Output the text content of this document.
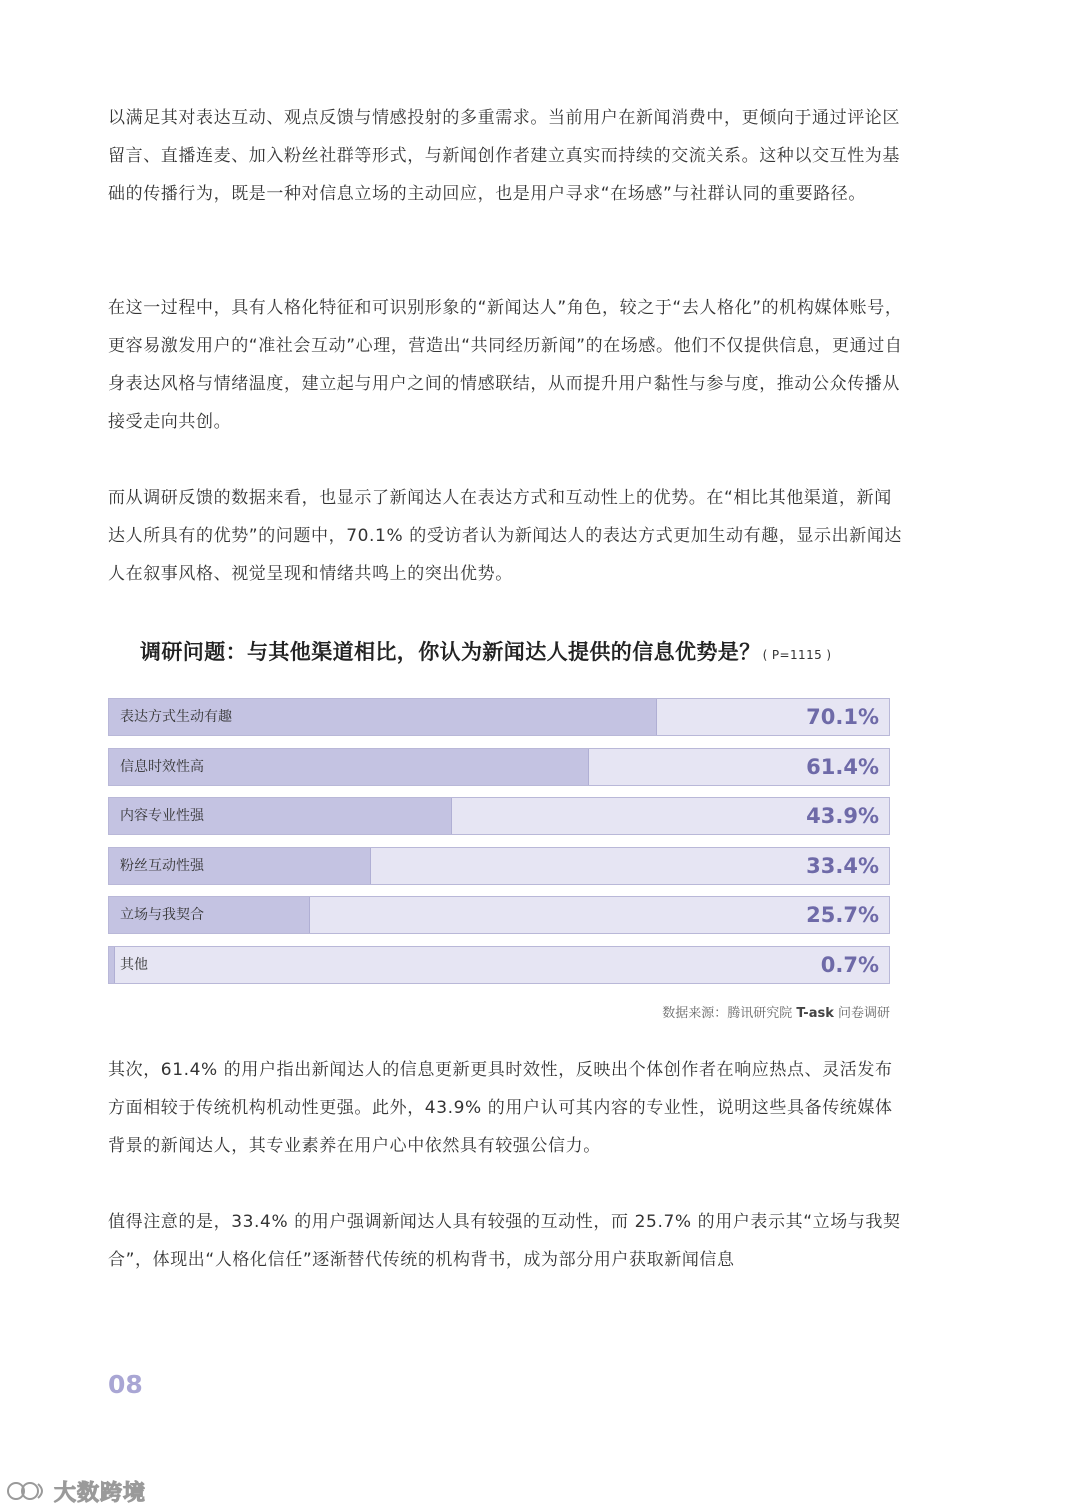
以满足其对表达互动、观点反馈与情感投射的多重需求。当前用户在新闻消费中，更倾向于通过评论区留言、直播连麦、加入粉丝社群等形式，与新闻创作者建立真实而持续的交流关系。这种以交互性为基础的传播行为，既是一种对信息立场的主动回应，也是用户寻求“在场感”与社群认同的重要路径。

在这一过程中，具有人格化特征和可识别形象的“新闻达人”角色，较之于“去人格化”的机构媒体账号，更容易激发用户的“准社会互动”心理，营造出“共同经历新闻”的在场感。他们不仅提供信息，更通过自身表达风格与情绪温度，建立起与用户之间的情感联结，从而提升用户黏性与参与度，推动公众传播从接受走向共创。

而从调研反馈的数据来看，也显示了新闻达人在表达方式和互动性上的优势。在“相比其他渠道，新闻达人所具有的优势”的问题中，70.1% 的受访者认为新闻达人的表达方式更加生动有趣，显示出新闻达人在叙事风格、视觉呈现和情绪共鸣上的突出优势。

调研问题：与其他渠道相比，你认为新闻达人提供的信息优势是？ ( P=1115 )
表达方式生动有趣	70.1%
信息时效性高	61.4%
内容专业性强	43.9%
粉丝互动性强	33.4%
立场与我契合	25.7%
其他	0.7%
数据来源：腾讯研究院 T-ask 问卷调研

其次，61.4% 的用户指出新闻达人的信息更新更具时效性，反映出个体创作者在响应热点、灵活发布方面相较于传统机构机动性更强。此外，43.9% 的用户认可其内容的专业性，说明这些具备传统媒体背景的新闻达人，其专业素养在用户心中依然具有较强公信力。

值得注意的是，33.4% 的用户强调新闻达人具有较强的互动性，而 25.7% 的用户表示其“立场与我契合”，体现出“人格化信任”逐渐替代传统的机构背书，成为部分用户获取新闻信息

08
大数跨境
